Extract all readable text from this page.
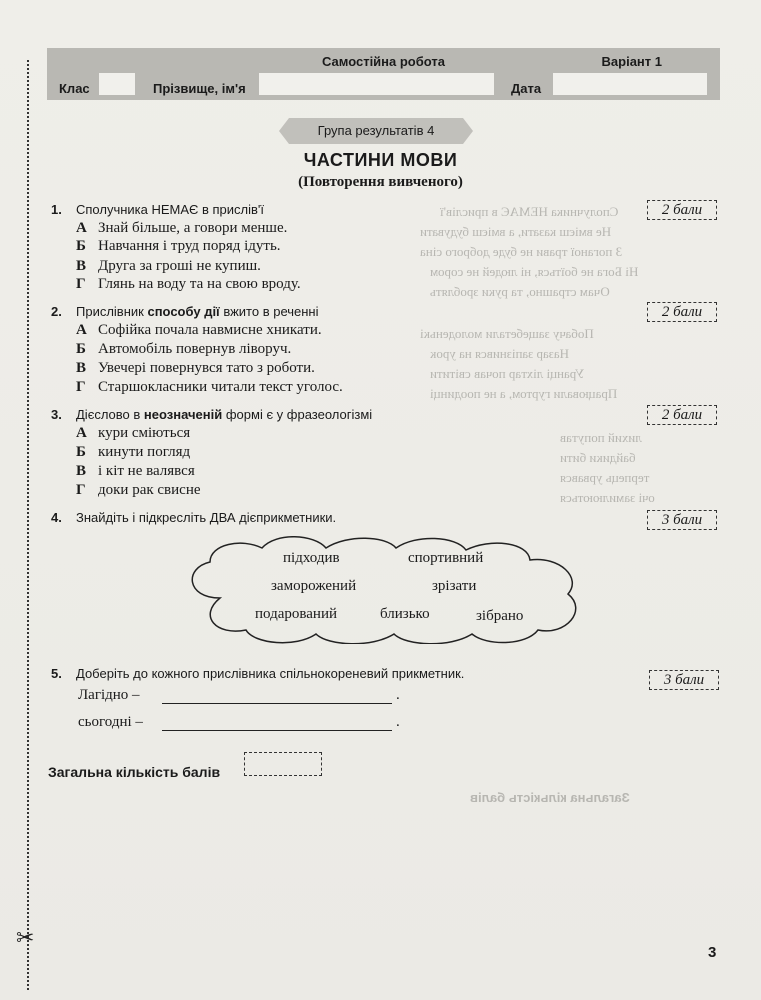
Сполучника НЕМАЄ в прислів'ї
Не вмієш казати, а вмієш будувати
З поганої трави не буде доброго сіна
Ні Бога не боїться, ні людей не сором
Очам страшно, та руки зроблять
Побачу защебетали молоденькі
Назар запізнився на урок
Уранці ліхтар почав світити
Працювали гуртом, а не поодинці
лихий попутав
байдики бити
терпець урвався
очі замилюються
Загальна кількість балів
✂
Самостійна робота	Варіант 1
Клас	Прізвище, ім'я	Дата
Група результатів 4
ЧАСТИНИ МОВИ
(Повторення вивченого)
1. Сполучника НЕМАЄ в прислів'ї	2 бали
А Знай більше, а говори менше.
Б Навчання і труд поряд ідуть.
В Друга за гроші не купиш.
Г Глянь на воду та на свою вроду.
2. Прислівник способу дії вжито в реченні	2 бали
А Софійка почала навмисне хникати.
Б Автомобіль повернув ліворуч.
В Увечері повернувся тато з роботи.
Г Старшокласники читали текст уголос.
3. Дієслово в неозначеній формі є у фразеологізмі	2 бали
А кури сміються
Б кинути погляд
В і кіт не валявся
Г доки рак свисне
4. Знайдіть і підкресліть ДВА дієприкметники.	3 бали
підходив	спортивний
заморожений	зрізати
подарований	близько	зібрано
5. Доберіть до кожного прислівника спільнокореневий прикметник.	3 бали
Лагідно –	.
сьогодні –	.
Загальна кількість балів
3
